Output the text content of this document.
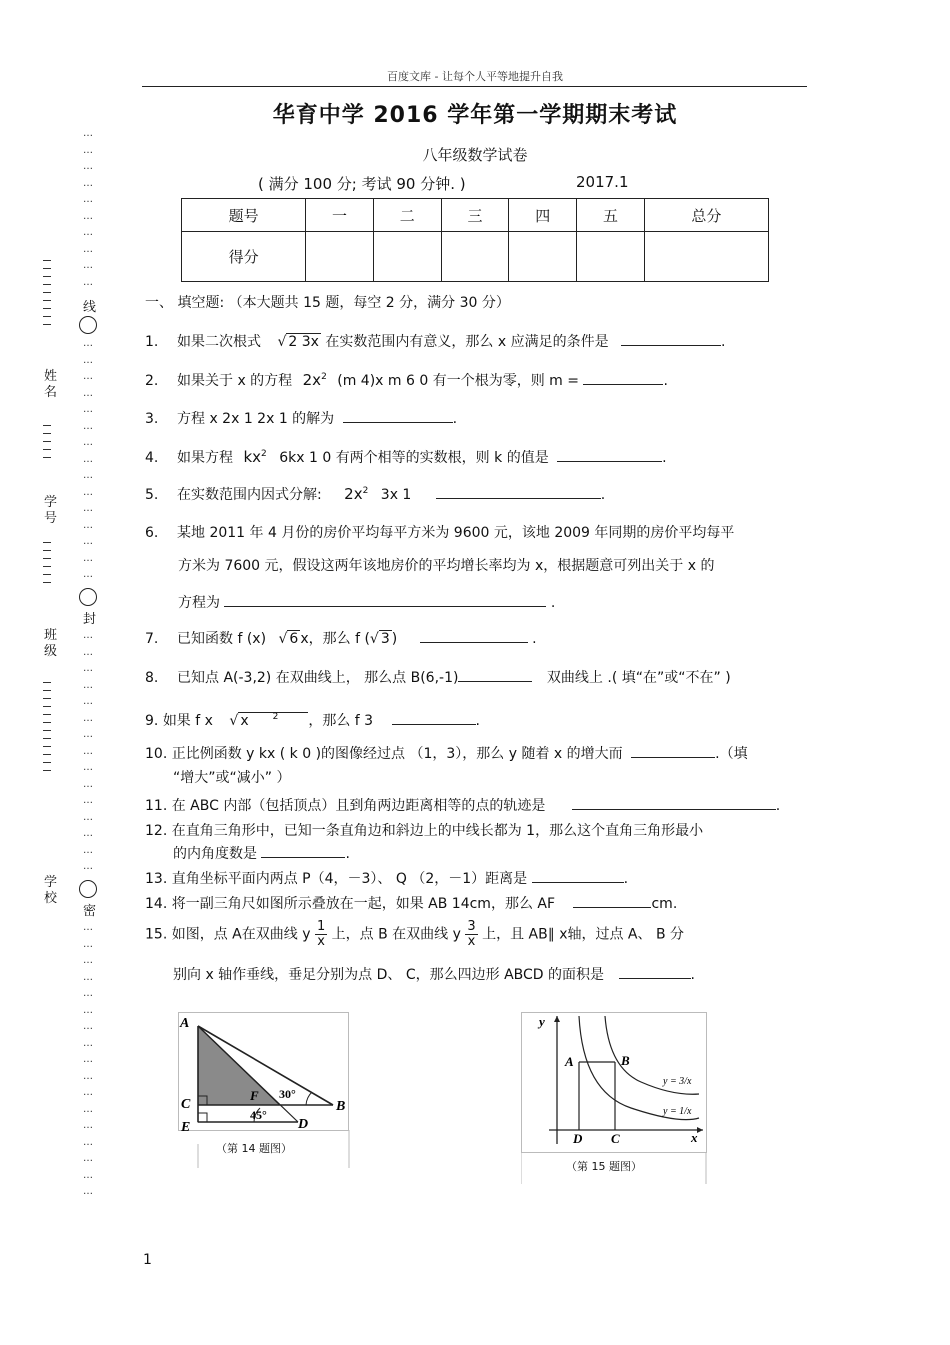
百度文库 - 让每个人平等地提升自我
华育中学 2016 学年第一学期期末考试
八年级数学试卷
( 满分 100 分; 考试 90 分钟. )	2017.1
题号	一	二	三	四	五	总分
得分						
…
…
…
…
…
…
…
…
…
…
线
…
…
…
…
…
…
…
…
…
…
…
…
…
…
…
封
…
…
…
…
…
…
…
…
…
…
…
…
…
…
…
密
…
…
…
…
…
…
…
…
…
…
…
…
…
…
…
…
…
姓名
学号
班级
学校
一、 填空题: （本大题共 15 题，每空 2 分，满分 30 分）
1. 如果二次根式 √ 2 3x 在实数范围内有意义，那么 x 应满足的条件是	.
2. 如果关于 x 的方程 $2x^2$ (m 4)x m 6 0 有一个根为零，则 m =	.
3. 方程 x 2x 1 2x 1 的解为	.
4. 如果方程 $kx^2$ 6kx 1 0 有两个相等的实数根，则 k 的值是	.
5. 在实数范围内因式分解: $2x^2$ 3x 1	.
6. 某地 2011 年 4 月份的房价平均每平方米为 9600 元，该地 2009 年同期的房价平均每平
方米为 7600 元，假设这两年该地房价的平均增长率均为 x，根据题意可列出关于 x 的
方程为	.
7. 已知函数 f (x) √ 6 x，那么 f (√ 3 )	.
8. 已知点 A(-3,2) 在双曲线上， 那么点 B(6,-1)	双曲线上 .( 填“在”或“不在” )
9. 如果 f x √ x	$^2$ ，那么 f 3	.
10. 正比例函数 y kx ( k 0 )的图像经过点 （1，3），那么 y 随着 x 的增大而	.（填
“增大”或“减小” ）
11. 在 ABC 内部（包括顶点）且到角两边距离相等的点的轨迹是	.
12. 在直角三角形中，已知一条直角边和斜边上的中线长都为 1，那么这个直角三角形最小
的内角度数是	.
13. 直角坐标平面内两点 P（4，－3）、 Q （2，－1）距离是	.
14. 将一副三角尺如图所示叠放在一起，如果 AB 14cm，那么 AF	cm.
15. 如图，点 A在双曲线 y $\frac{1}{x}$ 上，点 B 在双曲线 y $\frac{3}{x}$ 上，且 AB∥ x轴，过点 A、 B 分
别向 x 轴作垂线，垂足分别为点 D、 C，那么四边形 ABCD 的面积是	.
A
B
C
E	D
F 30°
45°
（第 14 题图）
y
x
A	B
D C
y = 3/x
y = 1/x
（第 15 题图）
1
